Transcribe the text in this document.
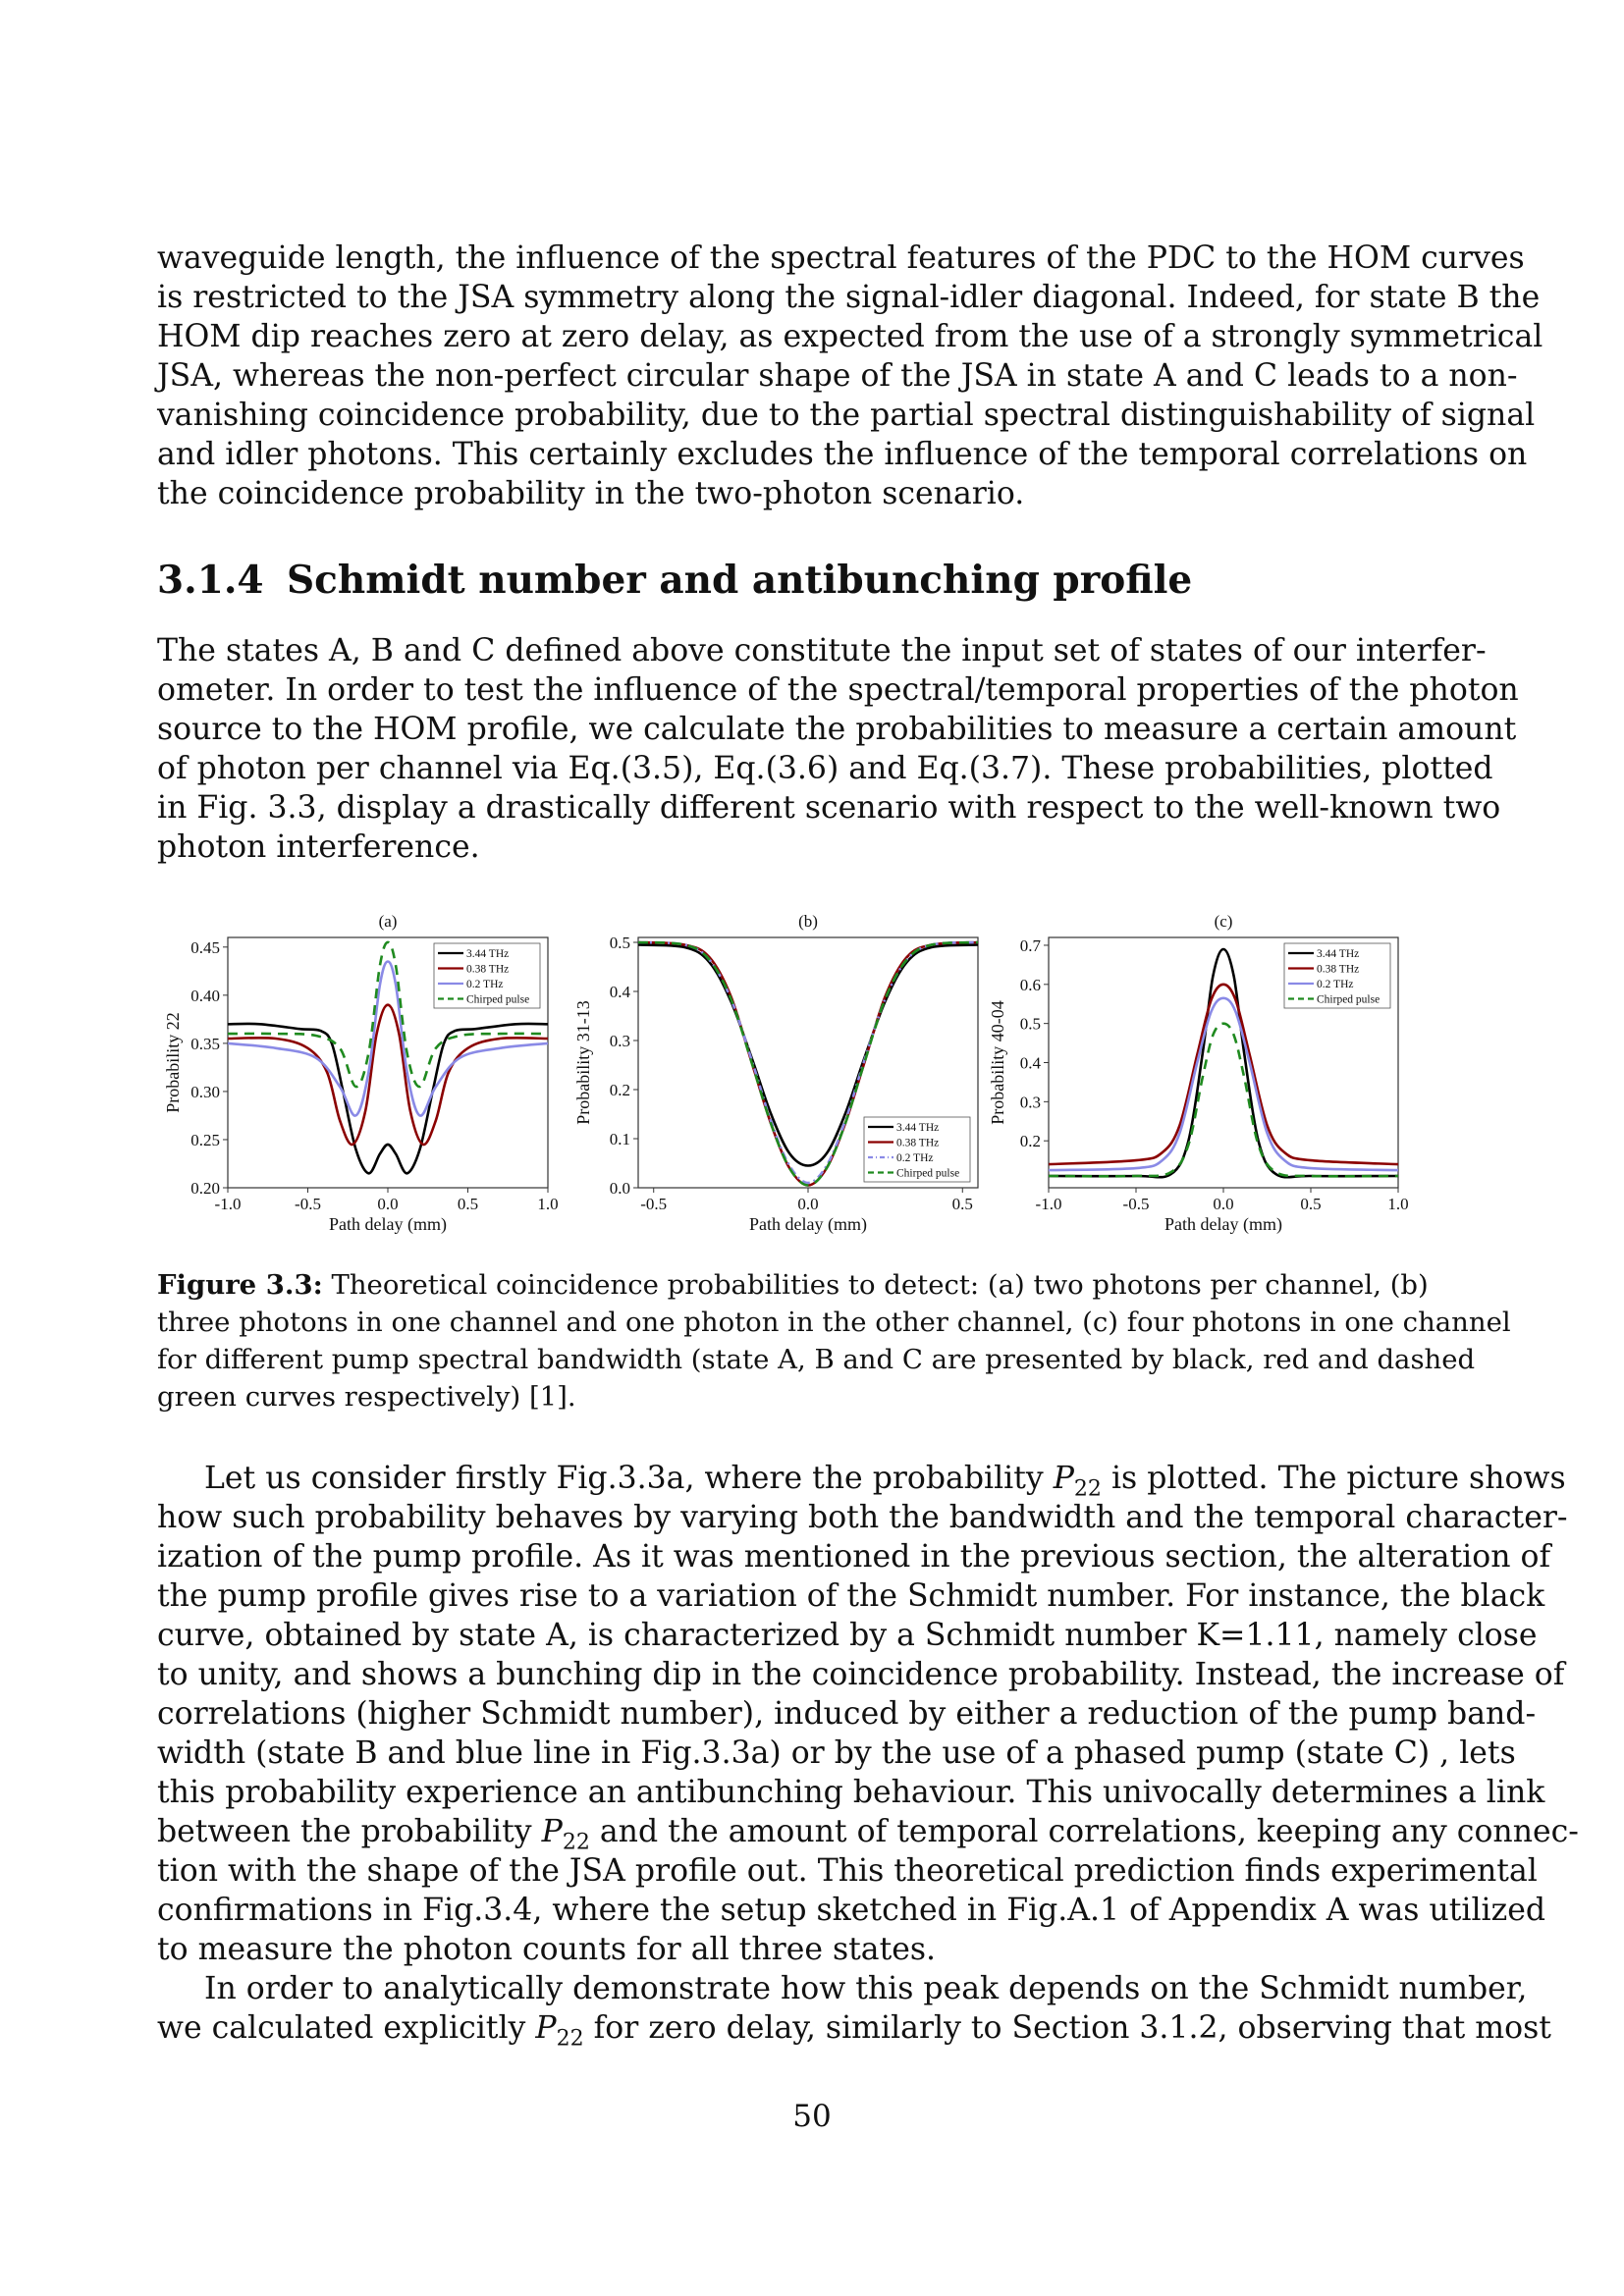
waveguide length, the influence of the spectral features of the PDC to the HOM curves
is restricted to the JSA symmetry along the signal-idler diagonal. Indeed, for state B the
HOM dip reaches zero at zero delay, as expected from the use of a strongly symmetrical
JSA, whereas the non-perfect circular shape of the JSA in state A and C leads to a non-
vanishing coincidence probability, due to the partial spectral distinguishability of signal
and idler photons. This certainly excludes the influence of the temporal correlations on
the coincidence probability in the two-photon scenario.
3.1.4 Schmidt number and antibunching profile
The states A, B and C defined above constitute the input set of states of our interfer-
ometer. In order to test the influence of the spectral/temporal properties of the photon
source to the HOM profile, we calculate the probabilities to measure a certain amount
of photon per channel via Eq.(3.5), Eq.(3.6) and Eq.(3.7). These probabilities, plotted
in Fig. 3.3, display a drastically different scenario with respect to the well-known two
photon interference.
(a)
0.20
0.25
0.30
0.35
0.40
0.45
-1.0	-0.5	0.0	0.5	1.0
Path delay (mm)
Probability 22
3.44 THz
0.38 THz
0.2 THz
Chirped pulse
(b)
0.0
0.1
0.2
0.3
0.4
0.5
-0.5	0.0	0.5
Path delay (mm)
Probability 31-13
3.44 THz
0.38 THz
0.2 THz
Chirped pulse
(c)
0.2
0.3
0.4
0.5
0.6
0.7
-1.0	-0.5	0.0	0.5	1.0
Path delay (mm)
Probability 40-04
3.44 THz
0.38 THz
0.2 THz
Chirped pulse
Figure 3.3: Theoretical coincidence probabilities to detect: (a) two photons per channel, (b)
three photons in one channel and one photon in the other channel, (c) four photons in one channel
for different pump spectral bandwidth (state A, B and C are presented by black, red and dashed
green curves respectively) [1].
Let us consider firstly Fig.3.3a, where the probability $P_{22}$ is plotted. The picture shows
how such probability behaves by varying both the bandwidth and the temporal character-
ization of the pump profile. As it was mentioned in the previous section, the alteration of
the pump profile gives rise to a variation of the Schmidt number. For instance, the black
curve, obtained by state A, is characterized by a Schmidt number K=1.11, namely close
to unity, and shows a bunching dip in the coincidence probability. Instead, the increase of
correlations (higher Schmidt number), induced by either a reduction of the pump band-
width (state B and blue line in Fig.3.3a) or by the use of a phased pump (state C) , lets
this probability experience an antibunching behaviour. This univocally determines a link
between the probability $P_{22}$ and the amount of temporal correlations, keeping any connec-
tion with the shape of the JSA profile out. This theoretical prediction finds experimental
confirmations in Fig.3.4, where the setup sketched in Fig.A.1 of Appendix A was utilized
to measure the photon counts for all three states.
In order to analytically demonstrate how this peak depends on the Schmidt number,
we calculated explicitly $P_{22}$ for zero delay, similarly to Section 3.1.2, observing that most
50
